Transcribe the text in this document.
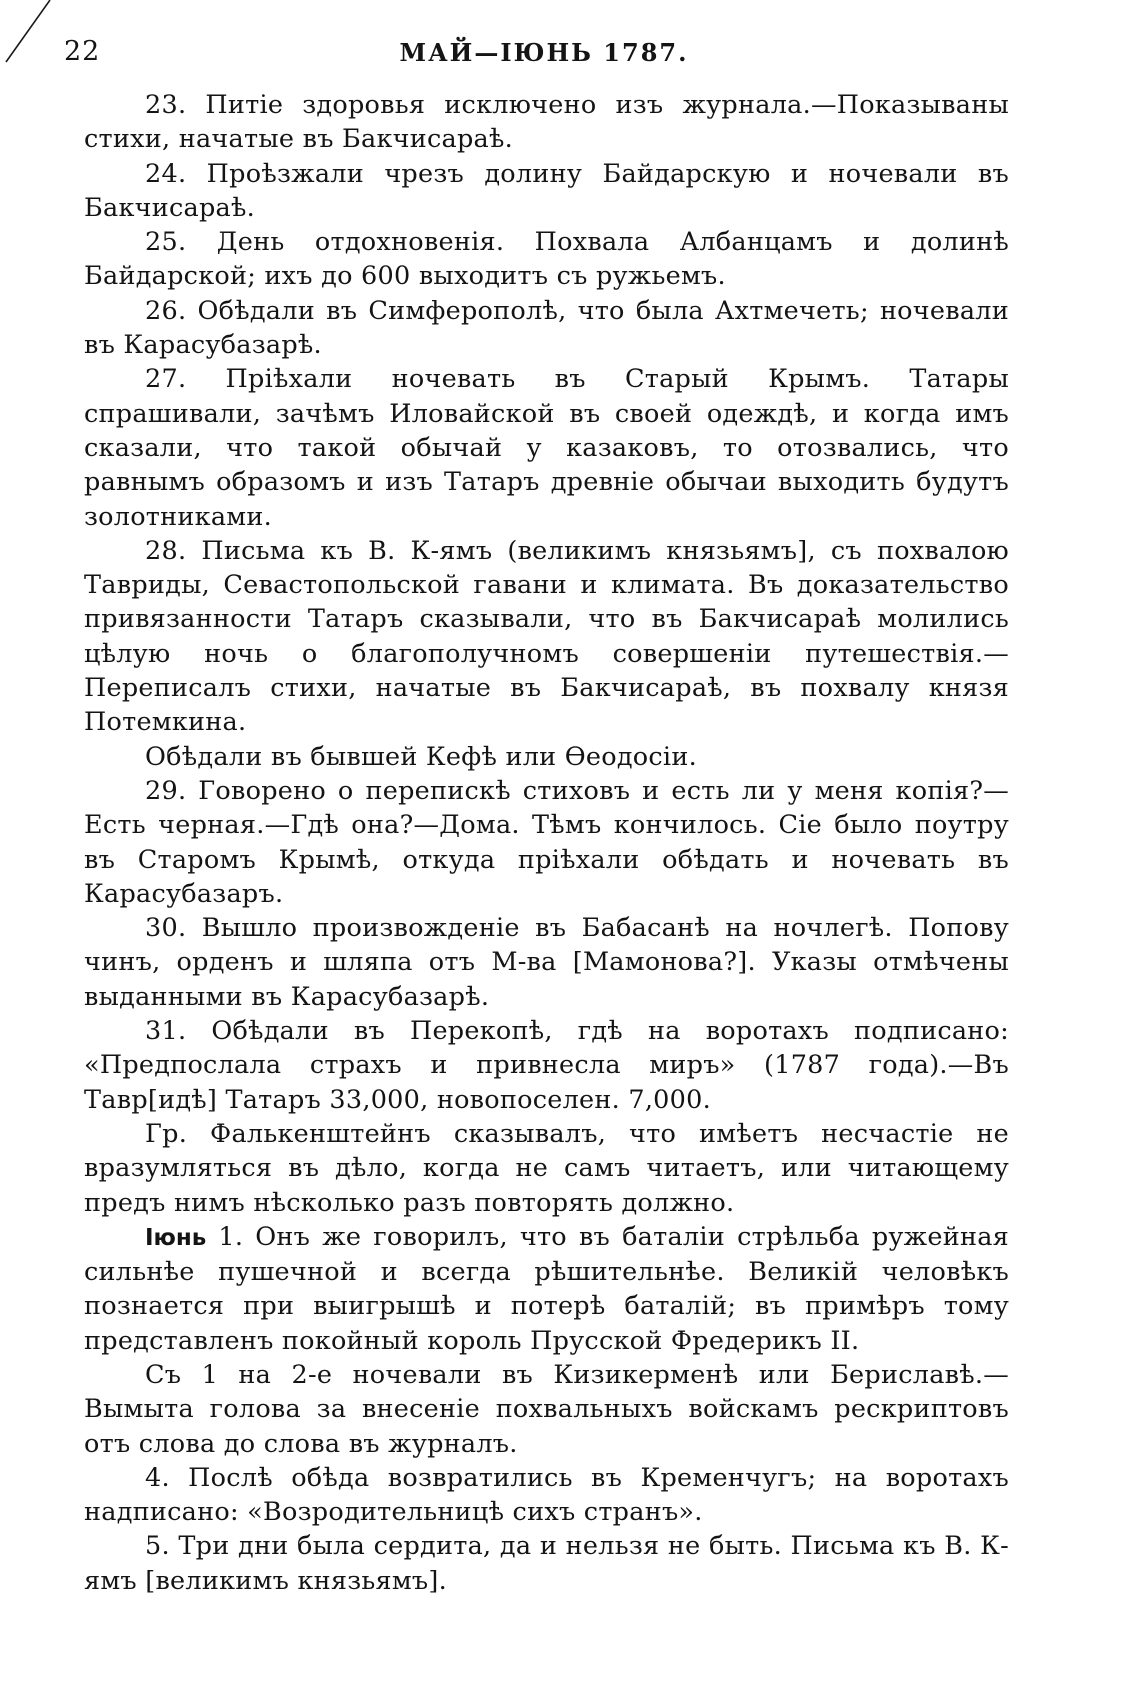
22	МАЙ—ІЮНЬ 1787.

23. Питіе здоровья исключено изъ журнала.—Показываны стихи, начатые въ Бакчисараѣ.

24. Проѣзжали чрезъ долину Байдарскую и ночевали въ Бакчисараѣ.

25. День отдохновенія. Похвала Албанцамъ и долинѣ Байдарской; ихъ до 600 выходитъ съ ружьемъ.

26. Обѣдали въ Симферополѣ, что была Ахтмечеть; ночевали въ Карасубазарѣ.

27. Пріѣхали ночевать въ Старый Крымъ. Татары спрашивали, зачѣмъ Иловайской въ своей одеждѣ, и когда имъ сказали, что такой обычай у казаковъ, то отозвались, что равнымъ образомъ и изъ Татаръ древніе обычаи выходить будутъ золотниками.

28. Письма къ В. К-ямъ (великимъ князьямъ], съ похвалою Тавриды, Севастопольской гавани и климата. Въ доказательство привязанности Татаръ сказывали, что въ Бакчисараѣ молились цѣлую ночь о благополучномъ совершеніи путешествія.—Переписалъ стихи, начатые въ Бакчисараѣ, въ похвалу князя Потемкина.

Обѣдали въ бывшей Кефѣ или Ѳеодосіи.

29. Говорено о перепискѣ стиховъ и есть ли у меня копія?—Есть черная.—Гдѣ она?—Дома. Тѣмъ кончилось. Сіе было поутру въ Старомъ Крымѣ, откуда пріѣхали обѣдать и ночевать въ Карасубазаръ.

30. Вышло произвожденіе въ Бабасанѣ на ночлегѣ. Попову чинъ, орденъ и шляпа отъ М-ва [Мамонова?]. Указы отмѣчены выданными въ Карасубазарѣ.

31. Обѣдали въ Перекопѣ, гдѣ на воротахъ подписано: «Предпослала страхъ и привнесла миръ» (1787 года).—Въ Тавр[идѣ] Татаръ 33,000, новопоселен. 7,000.

Гр. Фалькенштейнъ сказывалъ, что имѣетъ несчастіе не вразумляться въ дѣло, когда не самъ читаетъ, или читающему предъ нимъ нѣсколько разъ повторять должно.

Іюнь 1. Онъ же говорилъ, что въ баталіи стрѣльба ружейная сильнѣе пушечной и всегда рѣшительнѣе. Великій человѣкъ познается при выигрышѣ и потерѣ баталій; въ примѣръ тому представленъ покойный король Прусской Фредерикъ II.

Съ 1 на 2-е ночевали въ Кизикерменѣ или Бериславѣ.—Вымыта голова за внесеніе похвальныхъ войскамъ рескриптовъ отъ слова до слова въ журналъ.

4. Послѣ обѣда возвратились въ Кременчугъ; на воротахъ надписано: «Возродительницѣ сихъ странъ».

5. Три дни была сердита, да и нельзя не быть. Письма къ В. К-ямъ [великимъ князьямъ].
